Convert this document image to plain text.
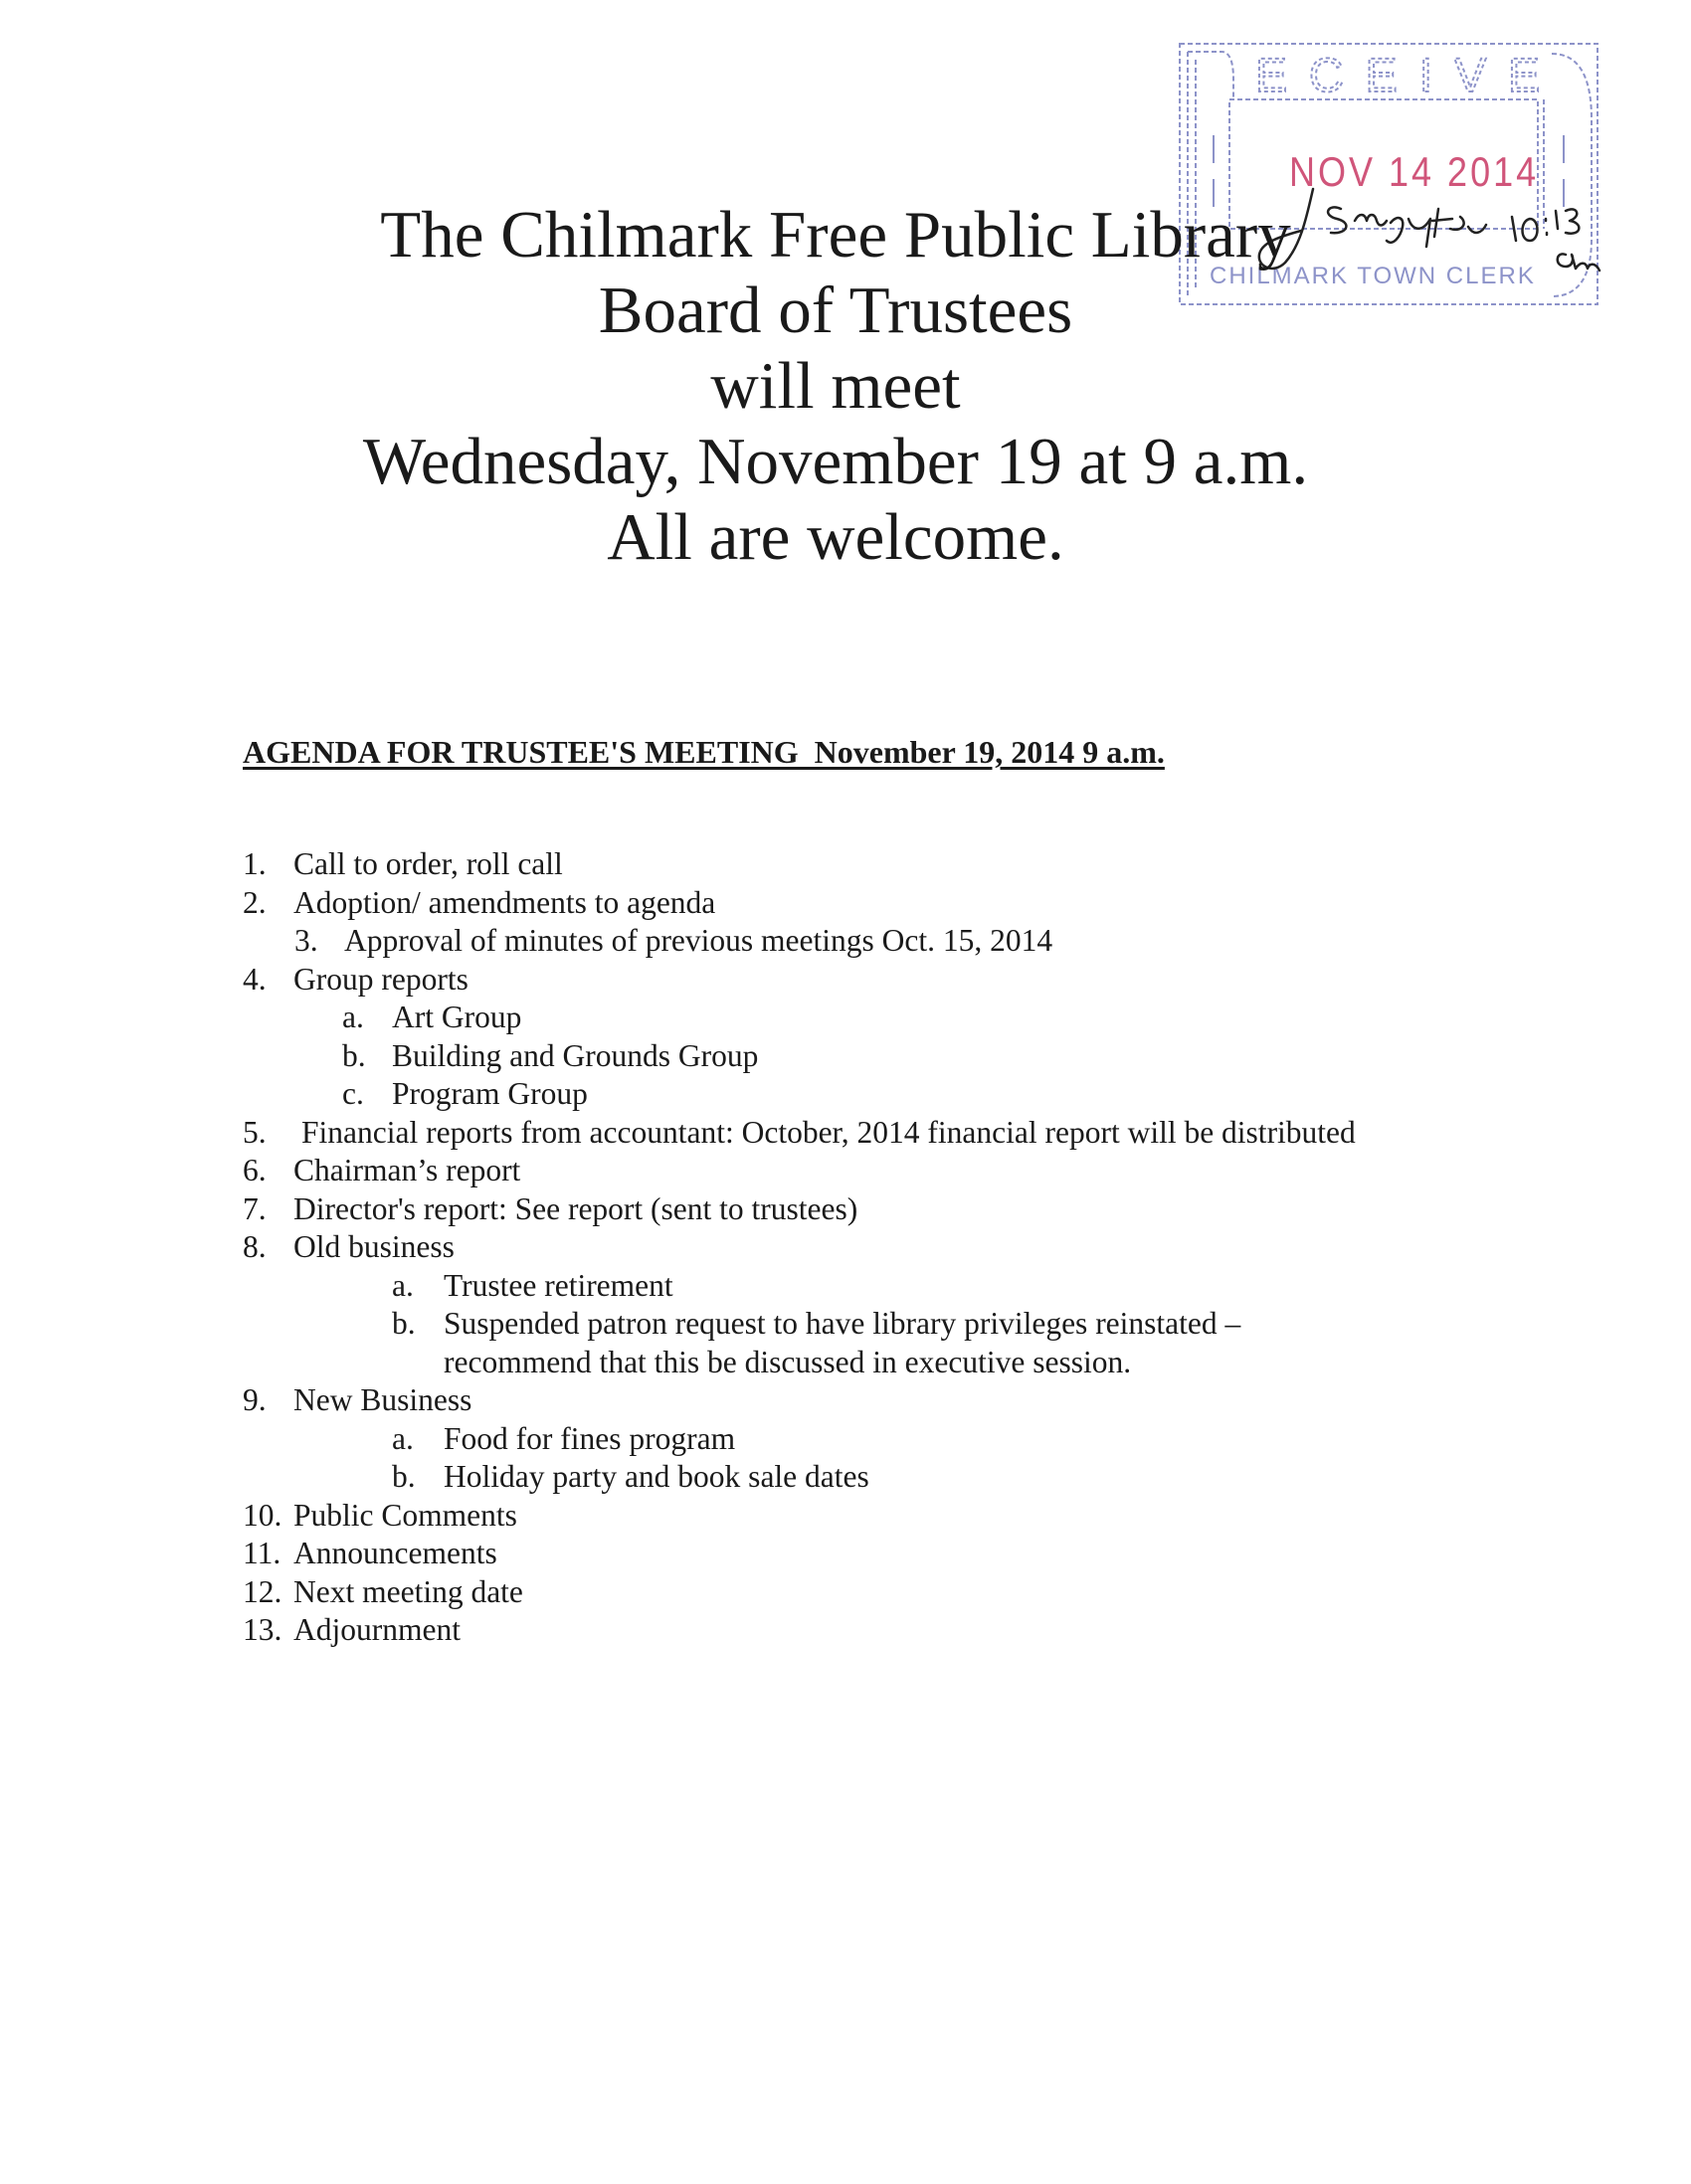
ECEIVE
NOV 14 2014
CHILMARK TOWN CLERK
The Chilmark Free Public Library
Board of Trustees
will meet
Wednesday, November 19 at 9 a.m.
All are welcome.
AGENDA FOR TRUSTEE'S MEETING  November 19, 2014 9 a.m.
1. Call to order, roll call
2. Adoption/ amendments to agenda
3. Approval of minutes of previous meetings Oct. 15, 2014
4. Group reports
a. Art Group
b. Building and Grounds Group
c. Program Group
5. Financial reports from accountant: October, 2014 financial report will be distributed
6. Chairman’s report
7. Director's report: See report (sent to trustees)
8. Old business
a. Trustee retirement
b. Suspended patron request to have library privileges reinstated –
recommend that this be discussed in executive session.
9. New Business
a. Food for fines program
b. Holiday party and book sale dates
10. Public Comments
11. Announcements
12. Next meeting date
13. Adjournment
